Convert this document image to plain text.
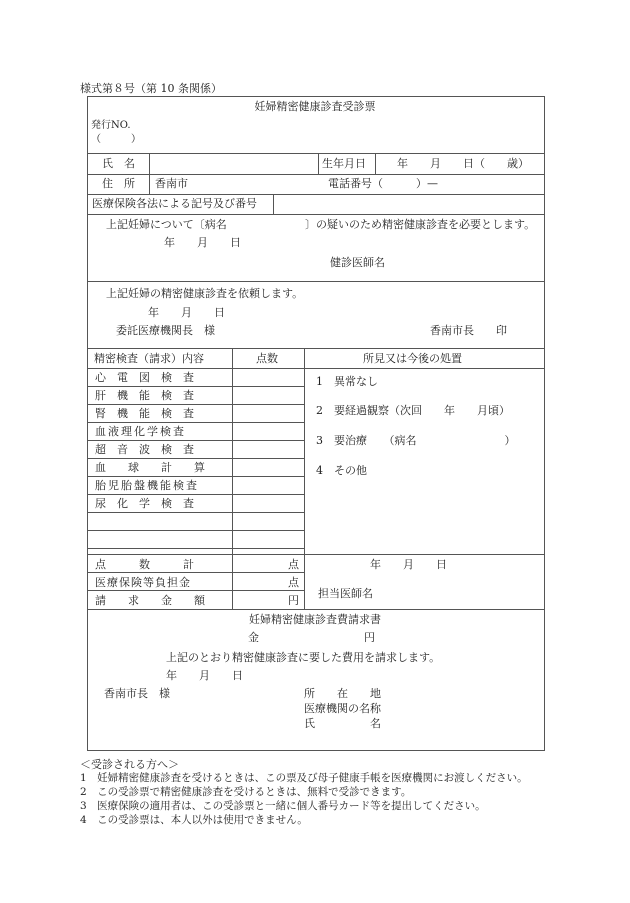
様式第８号（第 10 条関係）
妊婦精密健康診査受診票
発行NO.
（　　　）
氏　名	生年月日	年　　月　　日（　　歳）
住　所 香南市	電話番号（　　　）—
医療保険各法による記号及び番号
上記妊婦について〔病名	〕の疑いのため精密健康診査を必要とします。
年　　月　　日
健診医師名
上記妊婦の精密健康診査を依頼します。
年　　月　　日
委託医療機関長　様	香南市長　　印
精密検査（請求）内容	点数	所見又は今後の処置
心　電　図　検　査
肝　機　能　検　査
腎　機　能　検　査
血液理化学検査
超　音　波　検　査
血　　球　　計　　算
胎児胎盤機能検査
尿　化　学　検　査
1　異常なし
2　要経過観察（次回　　年　　月頃）
3　要治療　　（病名　　　　　　　　）
4　その他
点　　　数　　　計	点
医療保険等負担金	点
請　　求　　金　　額	円
年　　月　　日
担当医師名
妊婦精密健康診査費請求書
金	円
上記のとおり精密健康診査に要した費用を請求します。
年　　月　　日
香南市長　様	所　　在　　地
医療機関の名称
氏　　　　　名
＜受診される方へ＞
1　妊婦精密健康診査を受けるときは、この票及び母子健康手帳を医療機関にお渡しください。
2　この受診票で精密健康診査を受けるときは、無料で受診できます。
3　医療保険の適用者は、この受診票と一緒に個人番号カード等を提出してください。
4　この受診票は、本人以外は使用できません。
